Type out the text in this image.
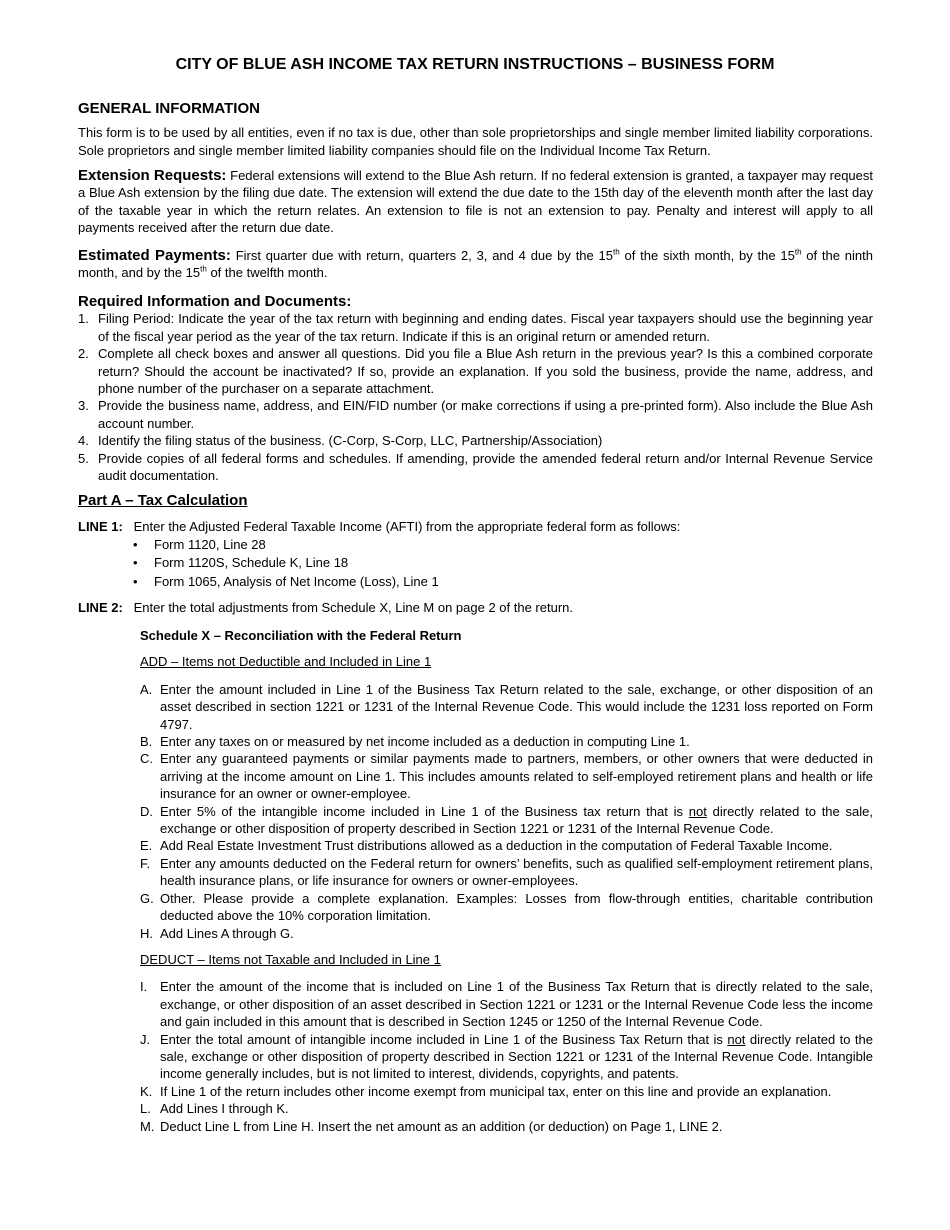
CITY OF BLUE ASH INCOME TAX RETURN INSTRUCTIONS – BUSINESS FORM
GENERAL INFORMATION
This form is to be used by all entities, even if no tax is due, other than sole proprietorships and single member limited liability corporations. Sole proprietors and single member limited liability companies should file on the Individual Income Tax Return.
Extension Requests: Federal extensions will extend to the Blue Ash return. If no federal extension is granted, a taxpayer may request a Blue Ash extension by the filing due date. The extension will extend the due date to the 15th day of the eleventh month after the last day of the taxable year in which the return relates. An extension to file is not an extension to pay. Penalty and interest will apply to all payments received after the return due date.
Estimated Payments: First quarter due with return, quarters 2, 3, and 4 due by the 15th of the sixth month, by the 15th of the ninth month, and by the 15th of the twelfth month.
Required Information and Documents:
1. Filing Period: Indicate the year of the tax return with beginning and ending dates. Fiscal year taxpayers should use the beginning year of the fiscal year period as the year of the tax return. Indicate if this is an original return or amended return.
2. Complete all check boxes and answer all questions. Did you file a Blue Ash return in the previous year? Is this a combined corporate return? Should the account be inactivated? If so, provide an explanation. If you sold the business, provide the name, address, and phone number of the purchaser on a separate attachment.
3. Provide the business name, address, and EIN/FID number (or make corrections if using a pre-printed form). Also include the Blue Ash account number.
4. Identify the filing status of the business. (C-Corp, S-Corp, LLC, Partnership/Association)
5. Provide copies of all federal forms and schedules. If amending, provide the amended federal return and/or Internal Revenue Service audit documentation.
Part A – Tax Calculation
LINE 1: Enter the Adjusted Federal Taxable Income (AFTI) from the appropriate federal form as follows:
• Form 1120, Line 28
• Form 1120S, Schedule K, Line 18
• Form 1065, Analysis of Net Income (Loss), Line 1
LINE 2: Enter the total adjustments from Schedule X, Line M on page 2 of the return.
Schedule X – Reconciliation with the Federal Return
ADD – Items not Deductible and Included in Line 1
A. Enter the amount included in Line 1 of the Business Tax Return related to the sale, exchange, or other disposition of an asset described in section 1221 or 1231 of the Internal Revenue Code. This would include the 1231 loss reported on Form 4797.
B. Enter any taxes on or measured by net income included as a deduction in computing Line 1.
C. Enter any guaranteed payments or similar payments made to partners, members, or other owners that were deducted in arriving at the income amount on Line 1. This includes amounts related to self-employed retirement plans and health or life insurance for an owner or owner-employee.
D. Enter 5% of the intangible income included in Line 1 of the Business tax return that is not directly related to the sale, exchange or other disposition of property described in Section 1221 or 1231 of the Internal Revenue Code.
E. Add Real Estate Investment Trust distributions allowed as a deduction in the computation of Federal Taxable Income.
F. Enter any amounts deducted on the Federal return for owners’ benefits, such as qualified self-employment retirement plans, health insurance plans, or life insurance for owners or owner-employees.
G. Other. Please provide a complete explanation. Examples: Losses from flow-through entities, charitable contribution deducted above the 10% corporation limitation.
H. Add Lines A through G.
DEDUCT – Items not Taxable and Included in Line 1
I. Enter the amount of the income that is included on Line 1 of the Business Tax Return that is directly related to the sale, exchange, or other disposition of an asset described in Section 1221 or 1231 or the Internal Revenue Code less the income and gain included in this amount that is described in Section 1245 or 1250 of the Internal Revenue Code.
J. Enter the total amount of intangible income included in Line 1 of the Business Tax Return that is not directly related to the sale, exchange or other disposition of property described in Section 1221 or 1231 of the Internal Revenue Code. Intangible income generally includes, but is not limited to interest, dividends, copyrights, and patents.
K. If Line 1 of the return includes other income exempt from municipal tax, enter on this line and provide an explanation.
L. Add Lines I through K.
M. Deduct Line L from Line H. Insert the net amount as an addition (or deduction) on Page 1, LINE 2.
